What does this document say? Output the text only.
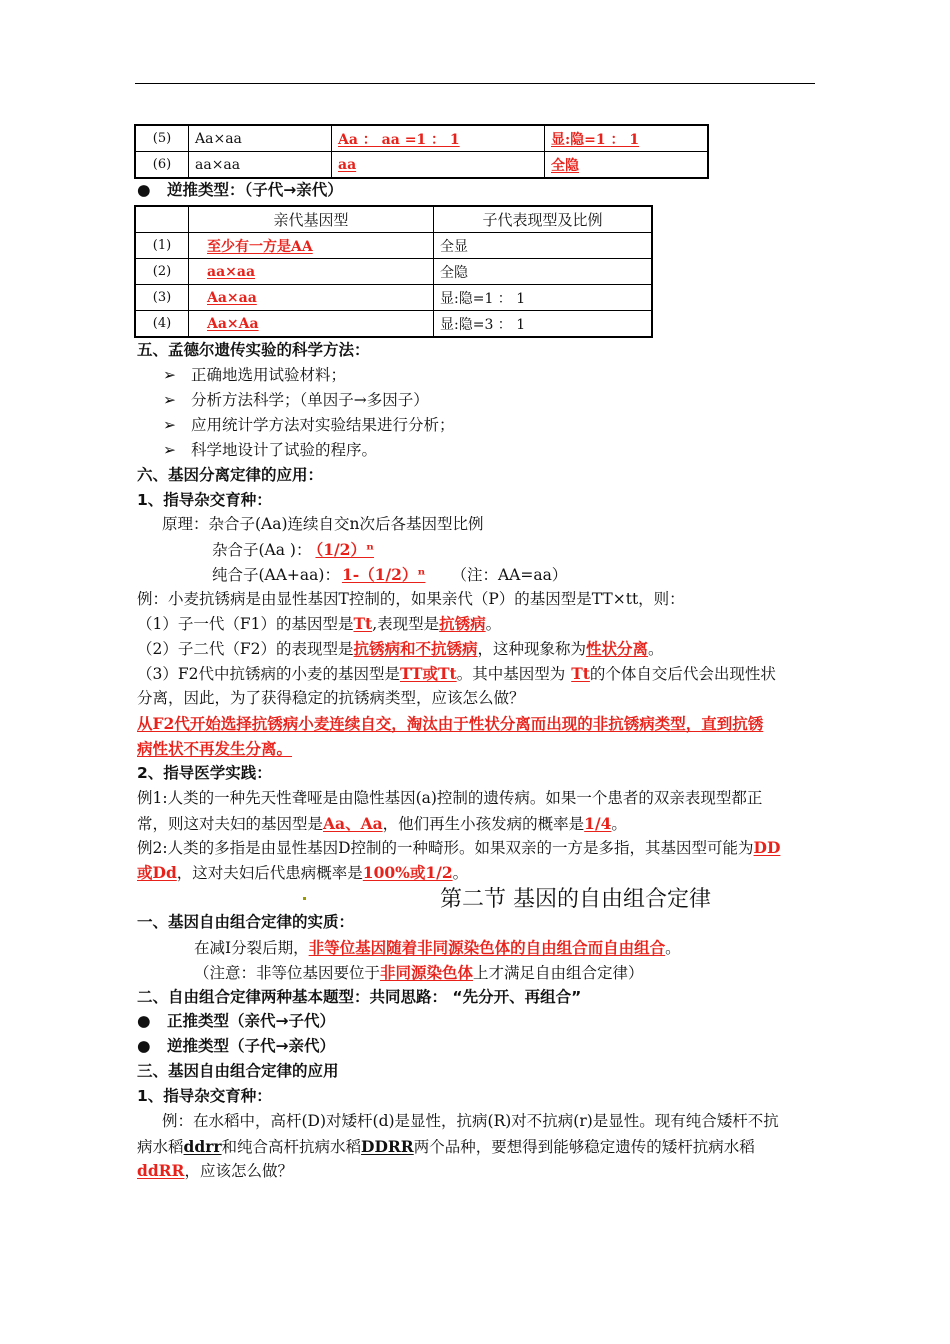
(5)	Aa×aa	Aa ： aa =1 ： 1	显:隐=1 ： 1
(6)	aa×aa	aa	全隐
● 逆推类型：（子代→亲代）
	亲代基因型	子代表现型及比例
(1)	至少有一方是AA	全显
(2)	aa×aa	全隐
(3)	Aa×aa	显:隐=1 ： 1
(4)	Aa×Aa	显:隐=3 ： 1
五、孟德尔遗传实验的科学方法：
➢ 正确地选用试验材料；
➢ 分析方法科学；（单因子→多因子）
➢ 应用统计学方法对实验结果进行分析；
➢ 科学地设计了试验的程序。
六、基因分离定律的应用：
1、指导杂交育种：
原理：杂合子(Aa)连续自交n次后各基因型比例
杂合子(Aa )： （1/2）ⁿ
纯合子(AA+aa)： 1-（1/2）ⁿ （注：AA=aa）
例：小麦抗锈病是由显性基因T控制的，如果亲代（P）的基因型是TT×tt，则：
（1）子一代（F1）的基因型是Tt,表现型是抗锈病。
（2）子二代（F2）的表现型是抗锈病和不抗锈病，这种现象称为性状分离。
（3）F2代中抗锈病的小麦的基因型是TT或Tt。其中基因型为 Tt的个体自交后代会出现性状
分离，因此，为了获得稳定的抗锈病类型，应该怎么做？
从F2代开始选择抗锈病小麦连续自交，淘汰由于性状分离而出现的非抗锈病类型，直到抗锈
病性状不再发生分离。
2、指导医学实践：
例1:人类的一种先天性聋哑是由隐性基因(a)控制的遗传病。如果一个患者的双亲表现型都正
常，则这对夫妇的基因型是Aa、Aa，他们再生小孩发病的概率是1/4。
例2:人类的多指是由显性基因D控制的一种畸形。如果双亲的一方是多指，其基因型可能为DD
或Dd，这对夫妇后代患病概率是100%或1/2。
第二节 基因的自由组合定律
一、基因自由组合定律的实质：
在减Ⅰ分裂后期，非等位基因随着非同源染色体的自由组合而自由组合。
（注意：非等位基因要位于非同源染色体上才满足自由组合定律）
二、自由组合定律两种基本题型：共同思路： “先分开、再组合”
● 正推类型（亲代→子代）
● 逆推类型（子代→亲代）
三、基因自由组合定律的应用
1、指导杂交育种：
例：在水稻中，高杆(D)对矮杆(d)是显性，抗病(R)对不抗病(r)是显性。现有纯合矮杆不抗
病水稻ddrr和纯合高杆抗病水稻DDRR两个品种，要想得到能够稳定遗传的矮杆抗病水稻
ddRR，应该怎么做？
